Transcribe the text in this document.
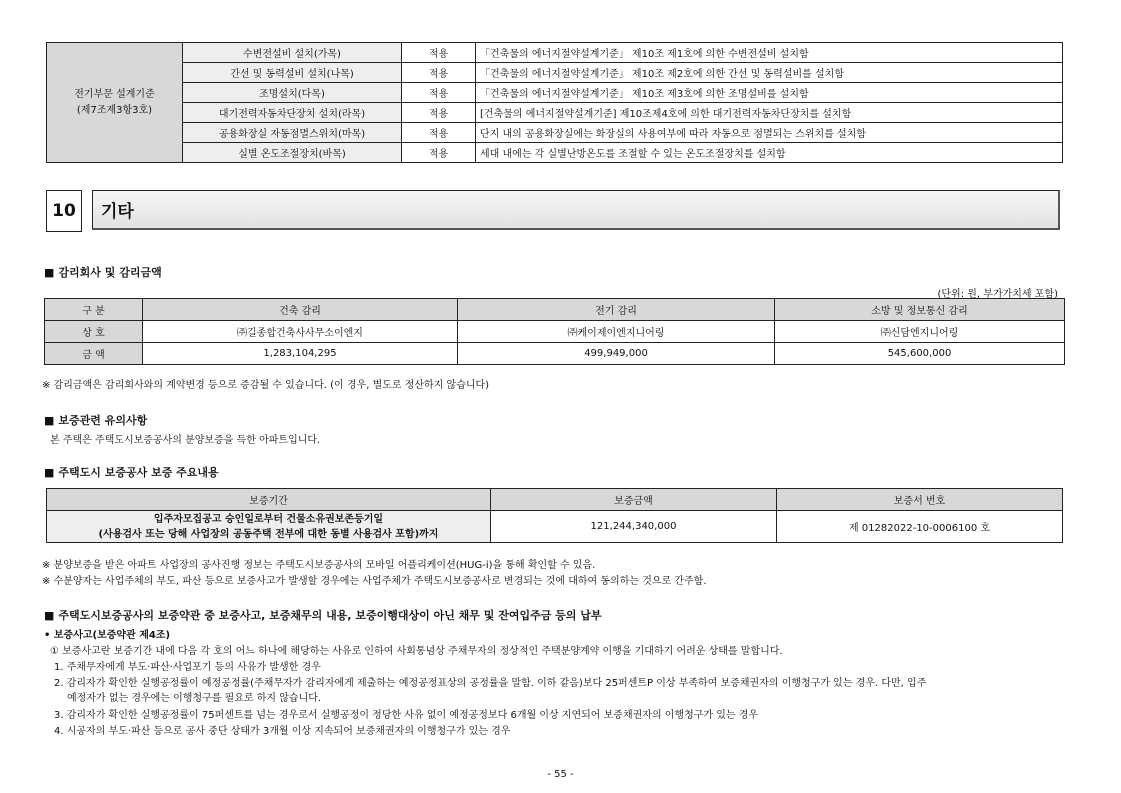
전기부문 설계기준
(제7조제3항3호)	수변전설비 설치(가목)	적용	「건축물의 에너지절약설계기준」 제10조 제1호에 의한 수변전설비 설치함
	간선 및 동력설비 설치(나목)	적용	「건축물의 에너지절약설계기준」 제10조 제2호에 의한 간선 및 동력설비를 설치함
	조명설치(다목)	적용	「건축물의 에너지절약설계기준」 제10조 제3호에 의한 조명설비를 설치함
	대기전력자동차단장치 설치(라목)	적용	[건축물의 에너지절약설계기준] 제10조제4호에 의한 대기전력자동차단장치를 설치함
	공용화장실 자동점멸스위치(마목)	적용	단지 내의 공용화장실에는 화장실의 사용여부에 따라 자동으로 점멸되는 스위치를 설치함
	실별 온도조절장치(바목)	적용	세대 내에는 각 실별난방온도를 조절할 수 있는 온도조절장치를 설치함
10	기타
■ 감리회사 및 감리금액
(단위: 원, 부가가치세 포함)
구 분	건축 감리	전기 감리	소방 및 정보통신 감리
상 호	㈜길종합건축사사무소이엔지	㈜케이제이엔지니어링	㈜신담엔지니어링
금 액	1,283,104,295	499,949,000	545,600,000
※ 감리금액은 감리회사와의 계약변경 등으로 증감될 수 있습니다. (이 경우, 별도로 정산하지 않습니다)
■ 보증관련 유의사항
본 주택은 주택도시보증공사의 분양보증을 득한 아파트입니다.
■ 주택도시 보증공사 보증 주요내용
보증기간	보증금액	보증서 번호

입주자모집공고 승인일로부터 건물소유권보존등기일
(사용검사 또는 당해 사업장의 공동주택 전부에 대한 동별 사용검사 포함)까지	121,244,340,000	제 01282022-10-0006100 호
※ 분양보증을 받은 아파트 사업장의 공사진행 정보는 주택도시보증공사의 모바일 어플리케이션(HUG-i)을 통해 확인할 수 있음.
※ 수분양자는 사업주체의 부도, 파산 등으로 보증사고가 발생할 경우에는 사업주체가 주택도시보증공사로 변경되는 것에 대하여 동의하는 것으로 간주함.
■ 주택도시보증공사의 보증약관 중 보증사고, 보증채무의 내용, 보증이행대상이 아닌 채무 및 잔여입주금 등의 납부
• 보증사고(보증약관 제4조)
① 보증사고란 보증기간 내에 다음 각 호의 어느 하나에 해당하는 사유로 인하여 사회통념상 주채무자의 정상적인 주택분양계약 이행을 기대하기 어려운 상태를 말합니다.
1. 주채무자에게 부도·파산·사업포기 등의 사유가 발생한 경우
2. 감리자가 확인한 실행공정률이 예정공정률(주채무자가 감리자에게 제출하는 예정공정표상의 공정률을 말함. 이하 같음)보다 25퍼센트P 이상 부족하여 보증채권자의 이행청구가 있는 경우. 다만, 입주
예정자가 없는 경우에는 이행청구를 필요로 하지 않습니다.
3. 감리자가 확인한 실행공정률이 75퍼센트를 넘는 경우로서 실행공정이 정당한 사유 없이 예정공정보다 6개월 이상 지연되어 보증채권자의 이행청구가 있는 경우
4. 시공자의 부도·파산 등으로 공사 중단 상태가 3개월 이상 지속되어 보증채권자의 이행청구가 있는 경우
- 55 -
